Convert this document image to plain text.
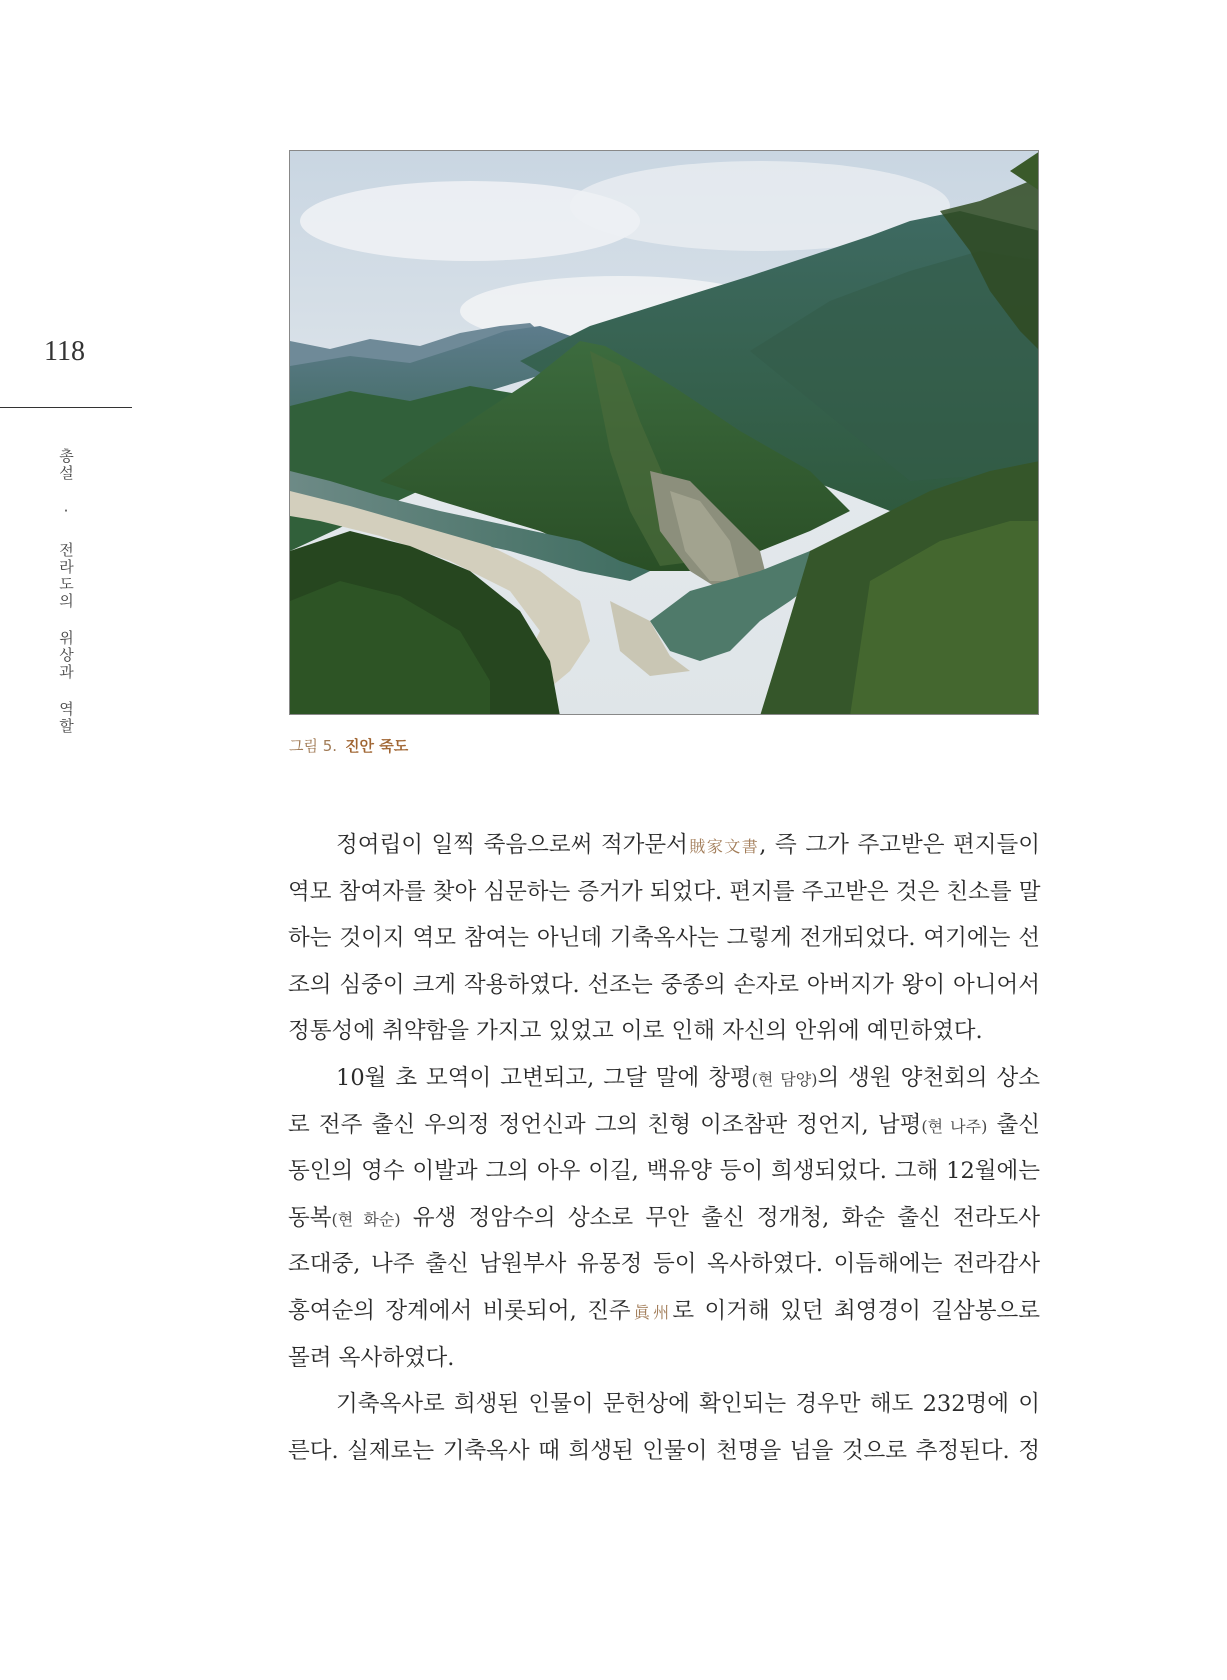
118
총설 · 전라도의 위상과 역할
그림 5. 진안 죽도
정여립이 일찍 죽음으로써 적가문서賊家文書, 즉 그가 주고받은 편지들이
역모 참여자를 찾아 심문하는 증거가 되었다. 편지를 주고받은 것은 친소를 말
하는 것이지 역모 참여는 아닌데 기축옥사는 그렇게 전개되었다. 여기에는 선
조의 심중이 크게 작용하였다. 선조는 중종의 손자로 아버지가 왕이 아니어서
정통성에 취약함을 가지고 있었고 이로 인해 자신의 안위에 예민하였다.
10월 초 모역이 고변되고, 그달 말에 창평(현 담양)의 생원 양천회의 상소
로 전주 출신 우의정 정언신과 그의 친형 이조참판 정언지, 남평(현 나주) 출신
동인의 영수 이발과 그의 아우 이길, 백유양 등이 희생되었다. 그해 12월에는
동복(현 화순) 유생 정암수의 상소로 무안 출신 정개청, 화순 출신 전라도사
조대중, 나주 출신 남원부사 유몽정 등이 옥사하였다. 이듬해에는 전라감사
홍여순의 장계에서 비롯되어, 진주眞州로 이거해 있던 최영경이 길삼봉으로
몰려 옥사하였다.
기축옥사로 희생된 인물이 문헌상에 확인되는 경우만 해도 232명에 이
른다. 실제로는 기축옥사 때 희생된 인물이 천명을 넘을 것으로 추정된다. 정
